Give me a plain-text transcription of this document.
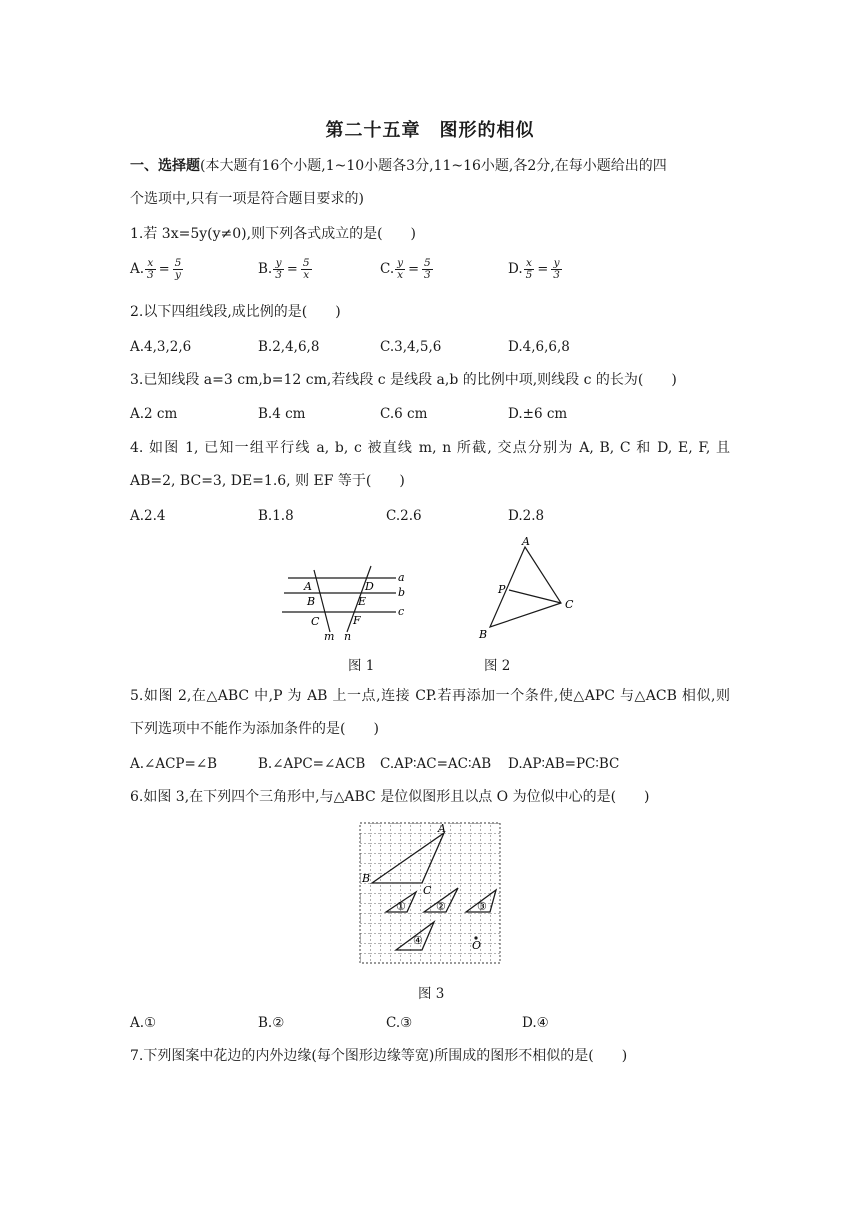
第二十五章　图形的相似
一、选择题(本大题有16个小题,1~10小题各3分,11~16小题,各2分,在每小题给出的四
个选项中,只有一项是符合题目要求的)
1.若 3x=5y(y≠0),则下列各式成立的是(　　)
A. $\frac{x}{3} = \frac{5}{y}$	B. $\frac{y}{3} = \frac{5}{x}$	C. $\frac{y}{x} = \frac{5}{3}$	D. $\frac{x}{5} = \frac{y}{3}$
2.以下四组线段,成比例的是(　　)
A.4,3,2,6	B.2,4,6,8	C.3,4,5,6	D.4,6,6,8
3.已知线段 a=3 cm,b=12 cm,若线段 c 是线段 a,b 的比例中项,则线段 c 的长为(　　)
A.2 cm	B.4 cm	C.6 cm	D.±6 cm
4. 如图 1, 已知一组平行线 a, b, c 被直线 m, n 所截, 交点分别为 A, B, C 和 D, E, F, 且
AB=2, BC=3, DE=1.6, 则 EF 等于(　　)
A.2.4	B.1.8	C.2.6	D.2.8
A
B
C
D
E
F
a
b
c
m n
图 1
A
P
C
B
图 2
5.如图 2,在△ABC 中,P 为 AB 上一点,连接 CP.若再添加一个条件,使△APC 与△ACB 相似,则
下列选项中不能作为添加条件的是(　　)
A.∠ACP=∠B	B.∠APC=∠ACB C.AP∶AC=AC∶AB D.AP∶AB=PC∶BC
6.如图 3,在下列四个三角形中,与△ABC 是位似图形且以点 O 为位似中心的是(　　)
A
B
C
O
①	②	③
④
图 3
A.①	B.②	C.③	D.④
7.下列图案中花边的内外边缘(每个图形边缘等宽)所围成的图形不相似的是(　　)
